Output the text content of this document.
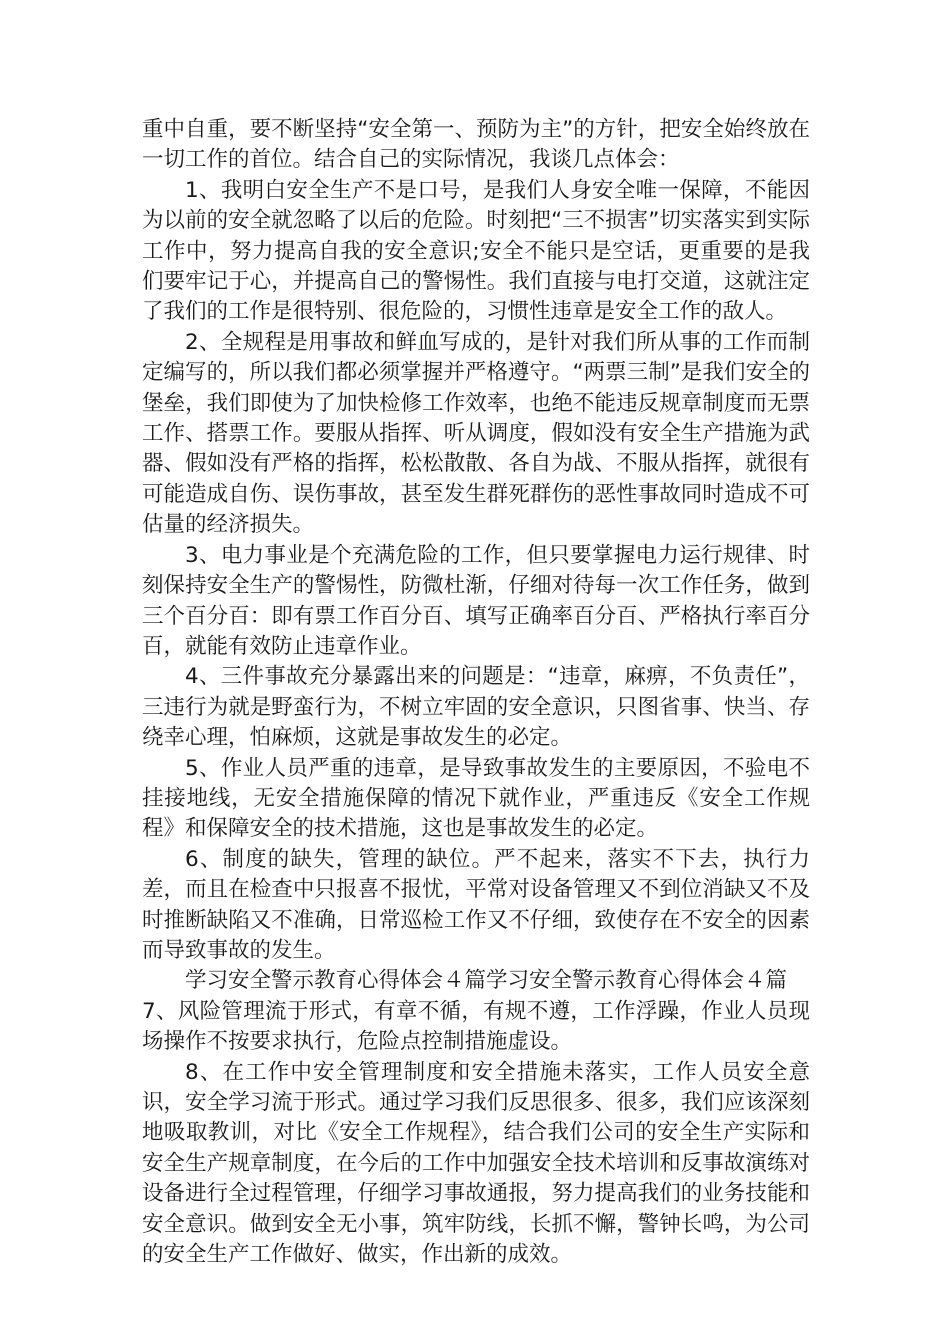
重中自重，要不断坚持“安全第一、预防为主”的方针，把安全始终放在一切工作的首位。结合自己的实际情况，我谈几点体会：

1、我明白安全生产不是口号，是我们人身安全唯一保障，不能因为以前的安全就忽略了以后的危险。时刻把“三不损害”切实落实到实际工作中，努力提高自我的安全意识;安全不能只是空话，更重要的是我们要牢记于心，并提高自己的警惕性。我们直接与电打交道，这就注定了我们的工作是很特别、很危险的，习惯性违章是安全工作的敌人。

2、全规程是用事故和鲜血写成的，是针对我们所从事的工作而制定编写的，所以我们都必须掌握并严格遵守。“两票三制”是我们安全的堡垒，我们即使为了加快检修工作效率，也绝不能违反规章制度而无票工作、搭票工作。要服从指挥、听从调度，假如没有安全生产措施为武器、假如没有严格的指挥，松松散散、各自为战、不服从指挥，就很有可能造成自伤、误伤事故，甚至发生群死群伤的恶性事故同时造成不可估量的经济损失。

3、电力事业是个充满危险的工作，但只要掌握电力运行规律、时刻保持安全生产的警惕性，防微杜渐，仔细对待每一次工作任务，做到三个百分百：即有票工作百分百、填写正确率百分百、严格执行率百分百，就能有效防止违章作业。

4、三件事故充分暴露出来的问题是：“违章，麻痹，不负责任”，三违行为就是野蛮行为，不树立牢固的安全意识，只图省事、快当、存绕幸心理，怕麻烦，这就是事故发生的必定。

5、作业人员严重的违章，是导致事故发生的主要原因，不验电不挂接地线，无安全措施保障的情况下就作业，严重违反《安全工作规程》和保障安全的技术措施，这也是事故发生的必定。

6、制度的缺失，管理的缺位。严不起来，落实不下去，执行力差，而且在检查中只报喜不报忧，平常对设备管理又不到位消缺又不及时推断缺陷又不准确，日常巡检工作又不仔细，致使存在不安全的因素而导致事故的发生。

学习安全警示教育心得体会４篇学习安全警示教育心得体会４篇

7、风险管理流于形式，有章不循，有规不遵，工作浮躁，作业人员现场操作不按要求执行，危险点控制措施虚设。

8、在工作中安全管理制度和安全措施未落实，工作人员安全意识，安全学习流于形式。通过学习我们反思很多、很多，我们应该深刻地吸取教训，对比《安全工作规程》，结合我们公司的安全生产实际和安全生产规章制度，在今后的工作中加强安全技术培训和反事故演练对设备进行全过程管理，仔细学习事故通报，努力提高我们的业务技能和安全意识。做到安全无小事，筑牢防线，长抓不懈，警钟长鸣，为公司的安全生产工作做好、做实，作出新的成效。
